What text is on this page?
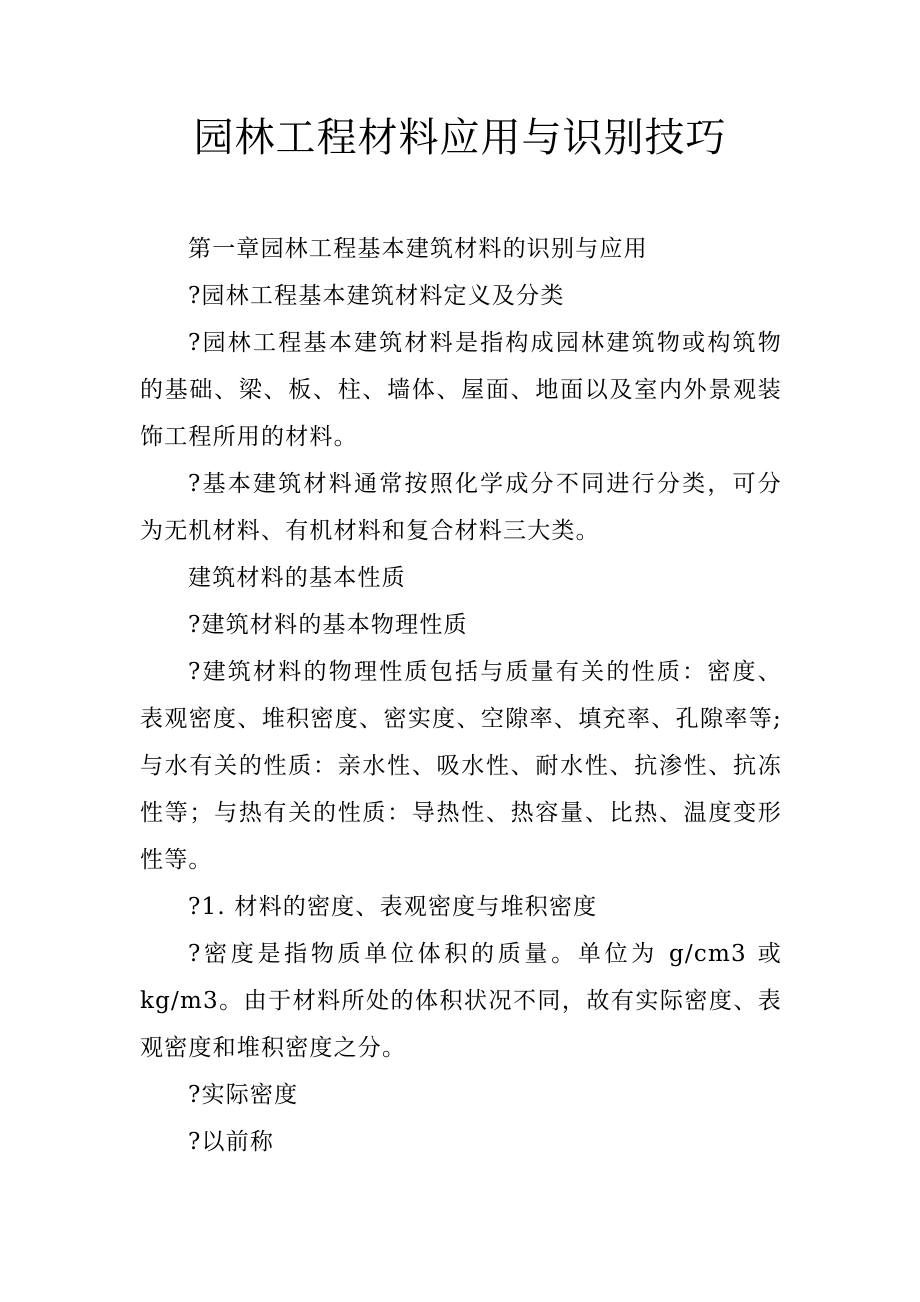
园林工程材料应用与识别技巧

第一章园林工程基本建筑材料的识别与应用

?园林工程基本建筑材料定义及分类

?园林工程基本建筑材料是指构成园林建筑物或构筑物的基础、梁、板、柱、墙体、屋面、地面以及室内外景观装饰工程所用的材料。

?基本建筑材料通常按照化学成分不同进行分类，可分为无机材料、有机材料和复合材料三大类。

建筑材料的基本性质

?建筑材料的基本物理性质

?建筑材料的物理性质包括与质量有关的性质：密度、表观密度、堆积密度、密实度、空隙率、填充率、孔隙率等;与水有关的性质：亲水性、吸水性、耐水性、抗渗性、抗冻性等；与热有关的性质：导热性、热容量、比热、温度变形性等。

?1. 材料的密度、表观密度与堆积密度

?密度是指物质单位体积的质量。单位为 g/cm3 或kg/m3。由于材料所处的体积状况不同，故有实际密度、表观密度和堆积密度之分。

?实际密度

?以前称
